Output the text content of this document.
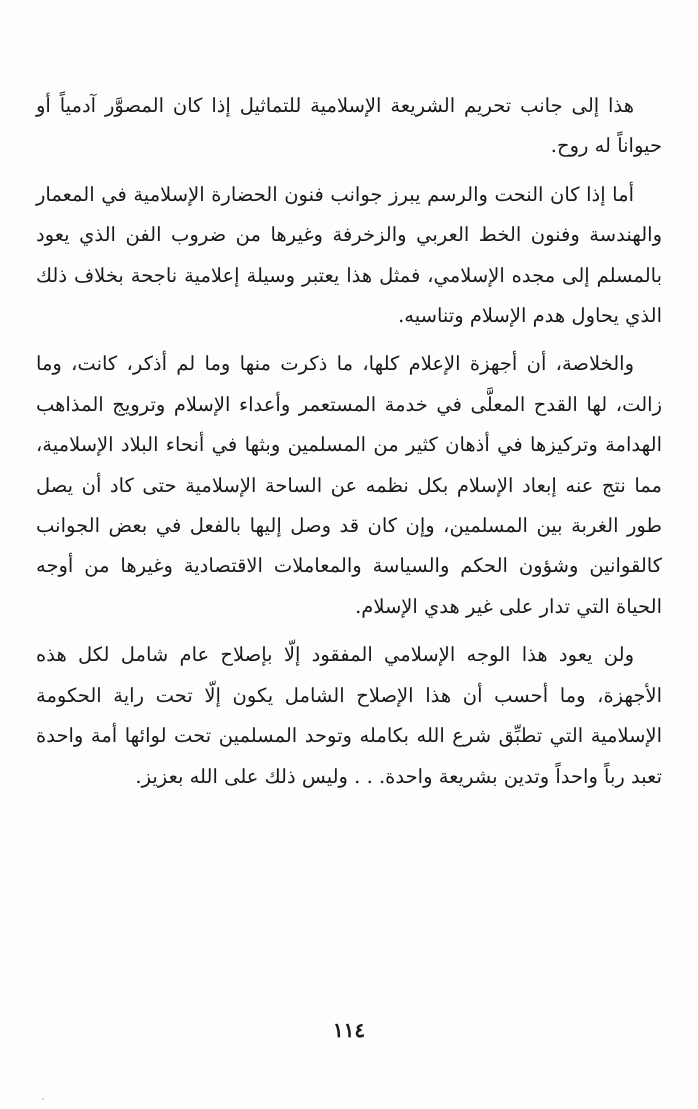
هذا إلى جانب تحريم الشريعة الإسلامية للتماثيل إذا كان المصوَّر آدمياً أو حيواناً له روح.

أما إذا كان النحت والرسم يبرز جوانب فنون الحضارة الإسلامية في المعمار والهندسة وفنون الخط العربي والزخرفة وغيرها من ضروب الفن الذي يعود بالمسلم إلى مجده الإسلامي، فمثل هذا يعتبر وسيلة إعلامية ناجحة بخلاف ذلك الذي يحاول هدم الإسلام وتناسيه.

والخلاصة، أن أجهزة الإعلام كلها، ما ذكرت منها وما لم أذكر، كانت، وما زالت، لها القدح المعلَّى في خدمة المستعمر وأعداء الإسلام وترويج المذاهب الهدامة وتركيزها في أذهان كثير من المسلمين وبثها في أنحاء البلاد الإسلامية، مما نتج عنه إبعاد الإسلام بكل نظمه عن الساحة الإسلامية حتى كاد أن يصل طور الغربة بين المسلمين، وإن كان قد وصل إليها بالفعل في بعض الجوانب كالقوانين وشؤون الحكم والسياسة والمعاملات الاقتصادية وغيرها من أوجه الحياة التي تدار على غير هدي الإسلام.

ولن يعود هذا الوجه الإسلامي المفقود إلّا بإصلاح عام شامل لكل هذه الأجهزة، وما أحسب أن هذا الإصلاح الشامل يكون إلّا تحت راية الحكومة الإسلامية التي تطبِّق شرع الله بكامله وتوحد المسلمين تحت لوائها أمة واحدة تعبد رباً واحداً وتدين بشريعة واحدة. . . وليس ذلك على الله بعزيز.

١١٤
